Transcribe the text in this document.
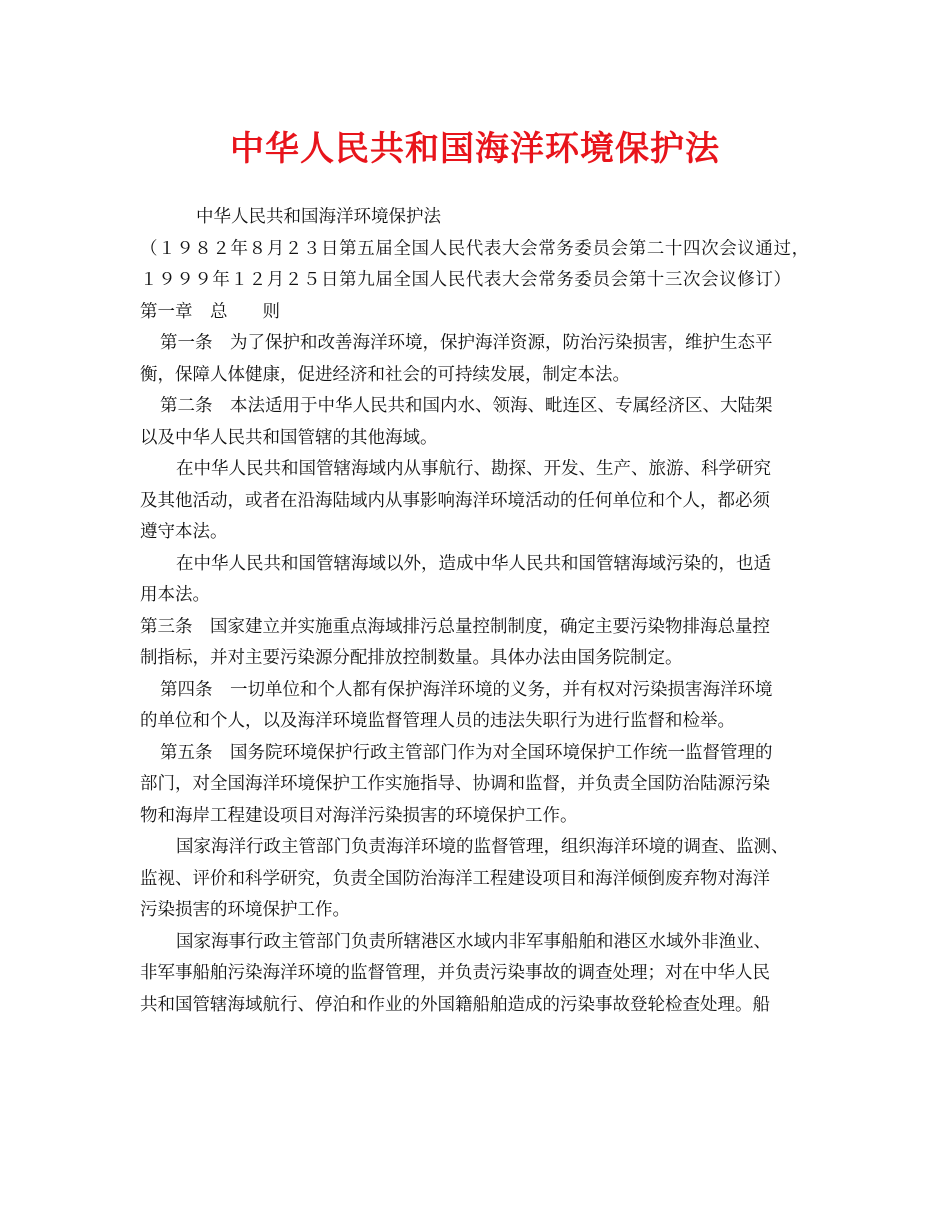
中华人民共和国海洋环境保护法
中华人民共和国海洋环境保护法
（１９８２年８月２３日第五届全国人民代表大会常务委员会第二十四次会议通过，
１９９９年１２月２５日第九届全国人民代表大会常务委员会第十三次会议修订）
第一章　总　　则
第一条　为了保护和改善海洋环境，保护海洋资源，防治污染损害，维护生态平
衡，保障人体健康，促进经济和社会的可持续发展，制定本法。
第二条　本法适用于中华人民共和国内水、领海、毗连区、专属经济区、大陆架
以及中华人民共和国管辖的其他海域。
在中华人民共和国管辖海域内从事航行、勘探、开发、生产、旅游、科学研究
及其他活动，或者在沿海陆域内从事影响海洋环境活动的任何单位和个人，都必须
遵守本法。
在中华人民共和国管辖海域以外，造成中华人民共和国管辖海域污染的，也适
用本法。
第三条　国家建立并实施重点海域排污总量控制制度，确定主要污染物排海总量控
制指标，并对主要污染源分配排放控制数量。具体办法由国务院制定。
第四条　一切单位和个人都有保护海洋环境的义务，并有权对污染损害海洋环境
的单位和个人，以及海洋环境监督管理人员的违法失职行为进行监督和检举。
第五条　国务院环境保护行政主管部门作为对全国环境保护工作统一监督管理的
部门，对全国海洋环境保护工作实施指导、协调和监督，并负责全国防治陆源污染
物和海岸工程建设项目对海洋污染损害的环境保护工作。
国家海洋行政主管部门负责海洋环境的监督管理，组织海洋环境的调查、监测、
监视、评价和科学研究，负责全国防治海洋工程建设项目和海洋倾倒废弃物对海洋
污染损害的环境保护工作。
国家海事行政主管部门负责所辖港区水域内非军事船舶和港区水域外非渔业、
非军事船舶污染海洋环境的监督管理，并负责污染事故的调查处理；对在中华人民
共和国管辖海域航行、停泊和作业的外国籍船舶造成的污染事故登轮检查处理。船
